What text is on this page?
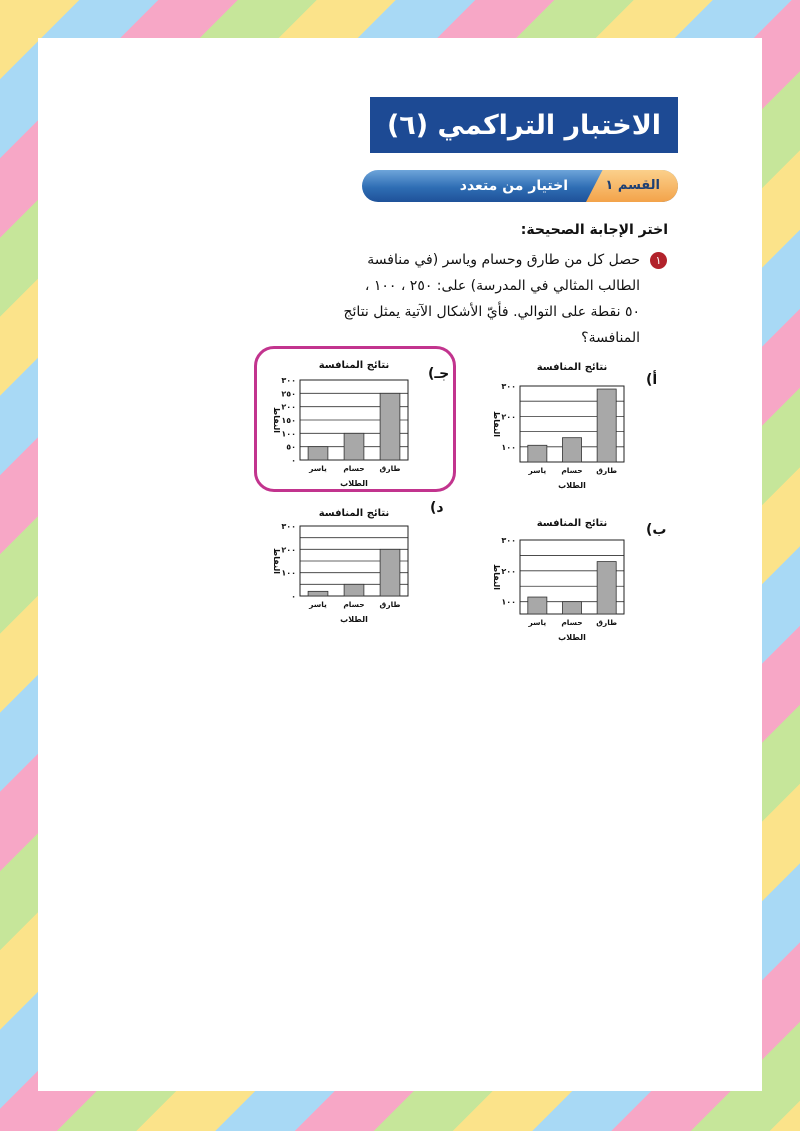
الاختبار التراكمي (٦)
القسم ١
اختيار من متعدد
اختر الإجابة الصحيحة:
١
حصل كل من طارق وحسام وياسر (في منافسة
الطالب المثالي في المدرسة) على: ٢٥٠ ، ١٠٠ ،
٥٠ نقطة على التوالي. فأيّ الأشكال الآتية يمثل نتائج
المنافسة؟
أ)
جـ)
ب)
د)
نتائج المنافسة
١٠٠
٢٠٠
٣٠٠
طارق
حسام
ياسر
الطلاب
النقاط
نتائج المنافسة
١٠٠
٢٠٠
٣٠٠
طارق
حسام
ياسر
الطلاب
النقاط
نتائج المنافسة
٠
٥٠
١٠٠
١٥٠
٢٠٠
٢٥٠
٣٠٠
طارق
حسام
ياسر
الطلاب
النقاط
نتائج المنافسة
٠
١٠٠
٢٠٠
٣٠٠
طارق
حسام
ياسر
الطلاب
النقاط
